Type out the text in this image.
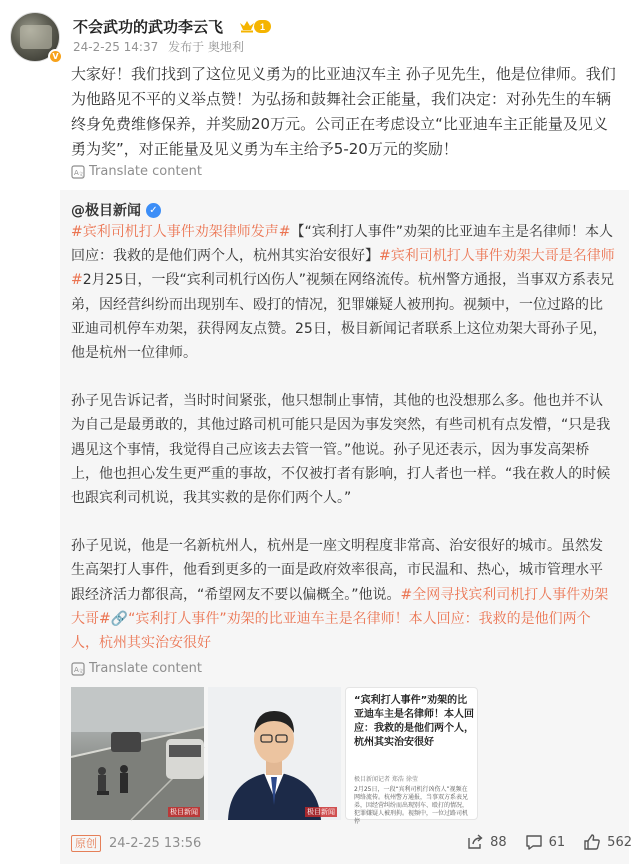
V
不会武功的武功李云飞	1
24-2-25 14:37 发布于 奥地利
大家好！我们找到了这位见义勇为的比亚迪汉车主 孙子见先生，他是位律师。我们为他路见不平的义举点赞！为弘扬和鼓舞社会正能量，我们决定：对孙先生的车辆终身免费维修保养，并奖励20万元。公司正在考虑设立“比亚迪车主正能量及见义勇为奖”，对正能量及见义勇为车主给予5-20万元的奖励！
A 文 Translate content
@极目新闻 ✓

#宾利司机打人事件劝架律师发声#【“宾利打人事件”劝架的比亚迪车主是名律师！本人回应：我救的是他们两个人，杭州其实治安很好】#宾利司机打人事件劝架大哥是名律师#2月25日，一段“宾利司机行凶伤人”视频在网络流传。杭州警方通报，当事双方系表兄弟，因经营纠纷而出现别车、殴打的情况，犯罪嫌疑人被刑拘。视频中，一位过路的比亚迪司机停车劝架，获得网友点赞。25日，极目新闻记者联系上这位劝架大哥孙子见，他是杭州一位律师。

孙子见告诉记者，当时时间紧张，他只想制止事情，其他的也没想那么多。他也并不认为自己是最勇敢的，其他过路司机可能只是因为事发突然，有些司机有点发懵，“只是我遇见这个事情，我觉得自己应该去去管一管。”他说。孙子见还表示，因为事发高架桥上，他也担心发生更严重的事故，不仅被打者有影响，打人者也一样。“我在救人的时候也跟宾利司机说，我其实救的是你们两个人。”

孙子见说，他是一名新杭州人，杭州是一座文明程度非常高、治安很好的城市。虽然发生高架打人事件，他看到更多的一面是政府效率很高，市民温和、热心，城市管理水平跟经济活力都很高，“希望网友不要以偏概全。”他说。#全网寻找宾利司机打人事件劝架大哥#🔗“宾利打人事件”劝架的比亚迪车主是名律师！本人回应：我救的是他们两个人，杭州其实治安很好

A 文 Translate content
极目新闻	极目新闻
“宾利打人事件”劝架的比亚迪车主是名律师！本人回应：我救的是他们两个人，杭州其实治安很好
极目新闻记者 郑浩 徐莹
2月25日，一段“宾利司机行凶伤人”视频在网络流传。杭州警方通报，当事双方系表兄弟，因经营纠纷而出现别车、殴打的情况，犯罪嫌疑人被刑拘。视频中，一位过路司机停
原创 24-2-25 13:56	88	61	562
